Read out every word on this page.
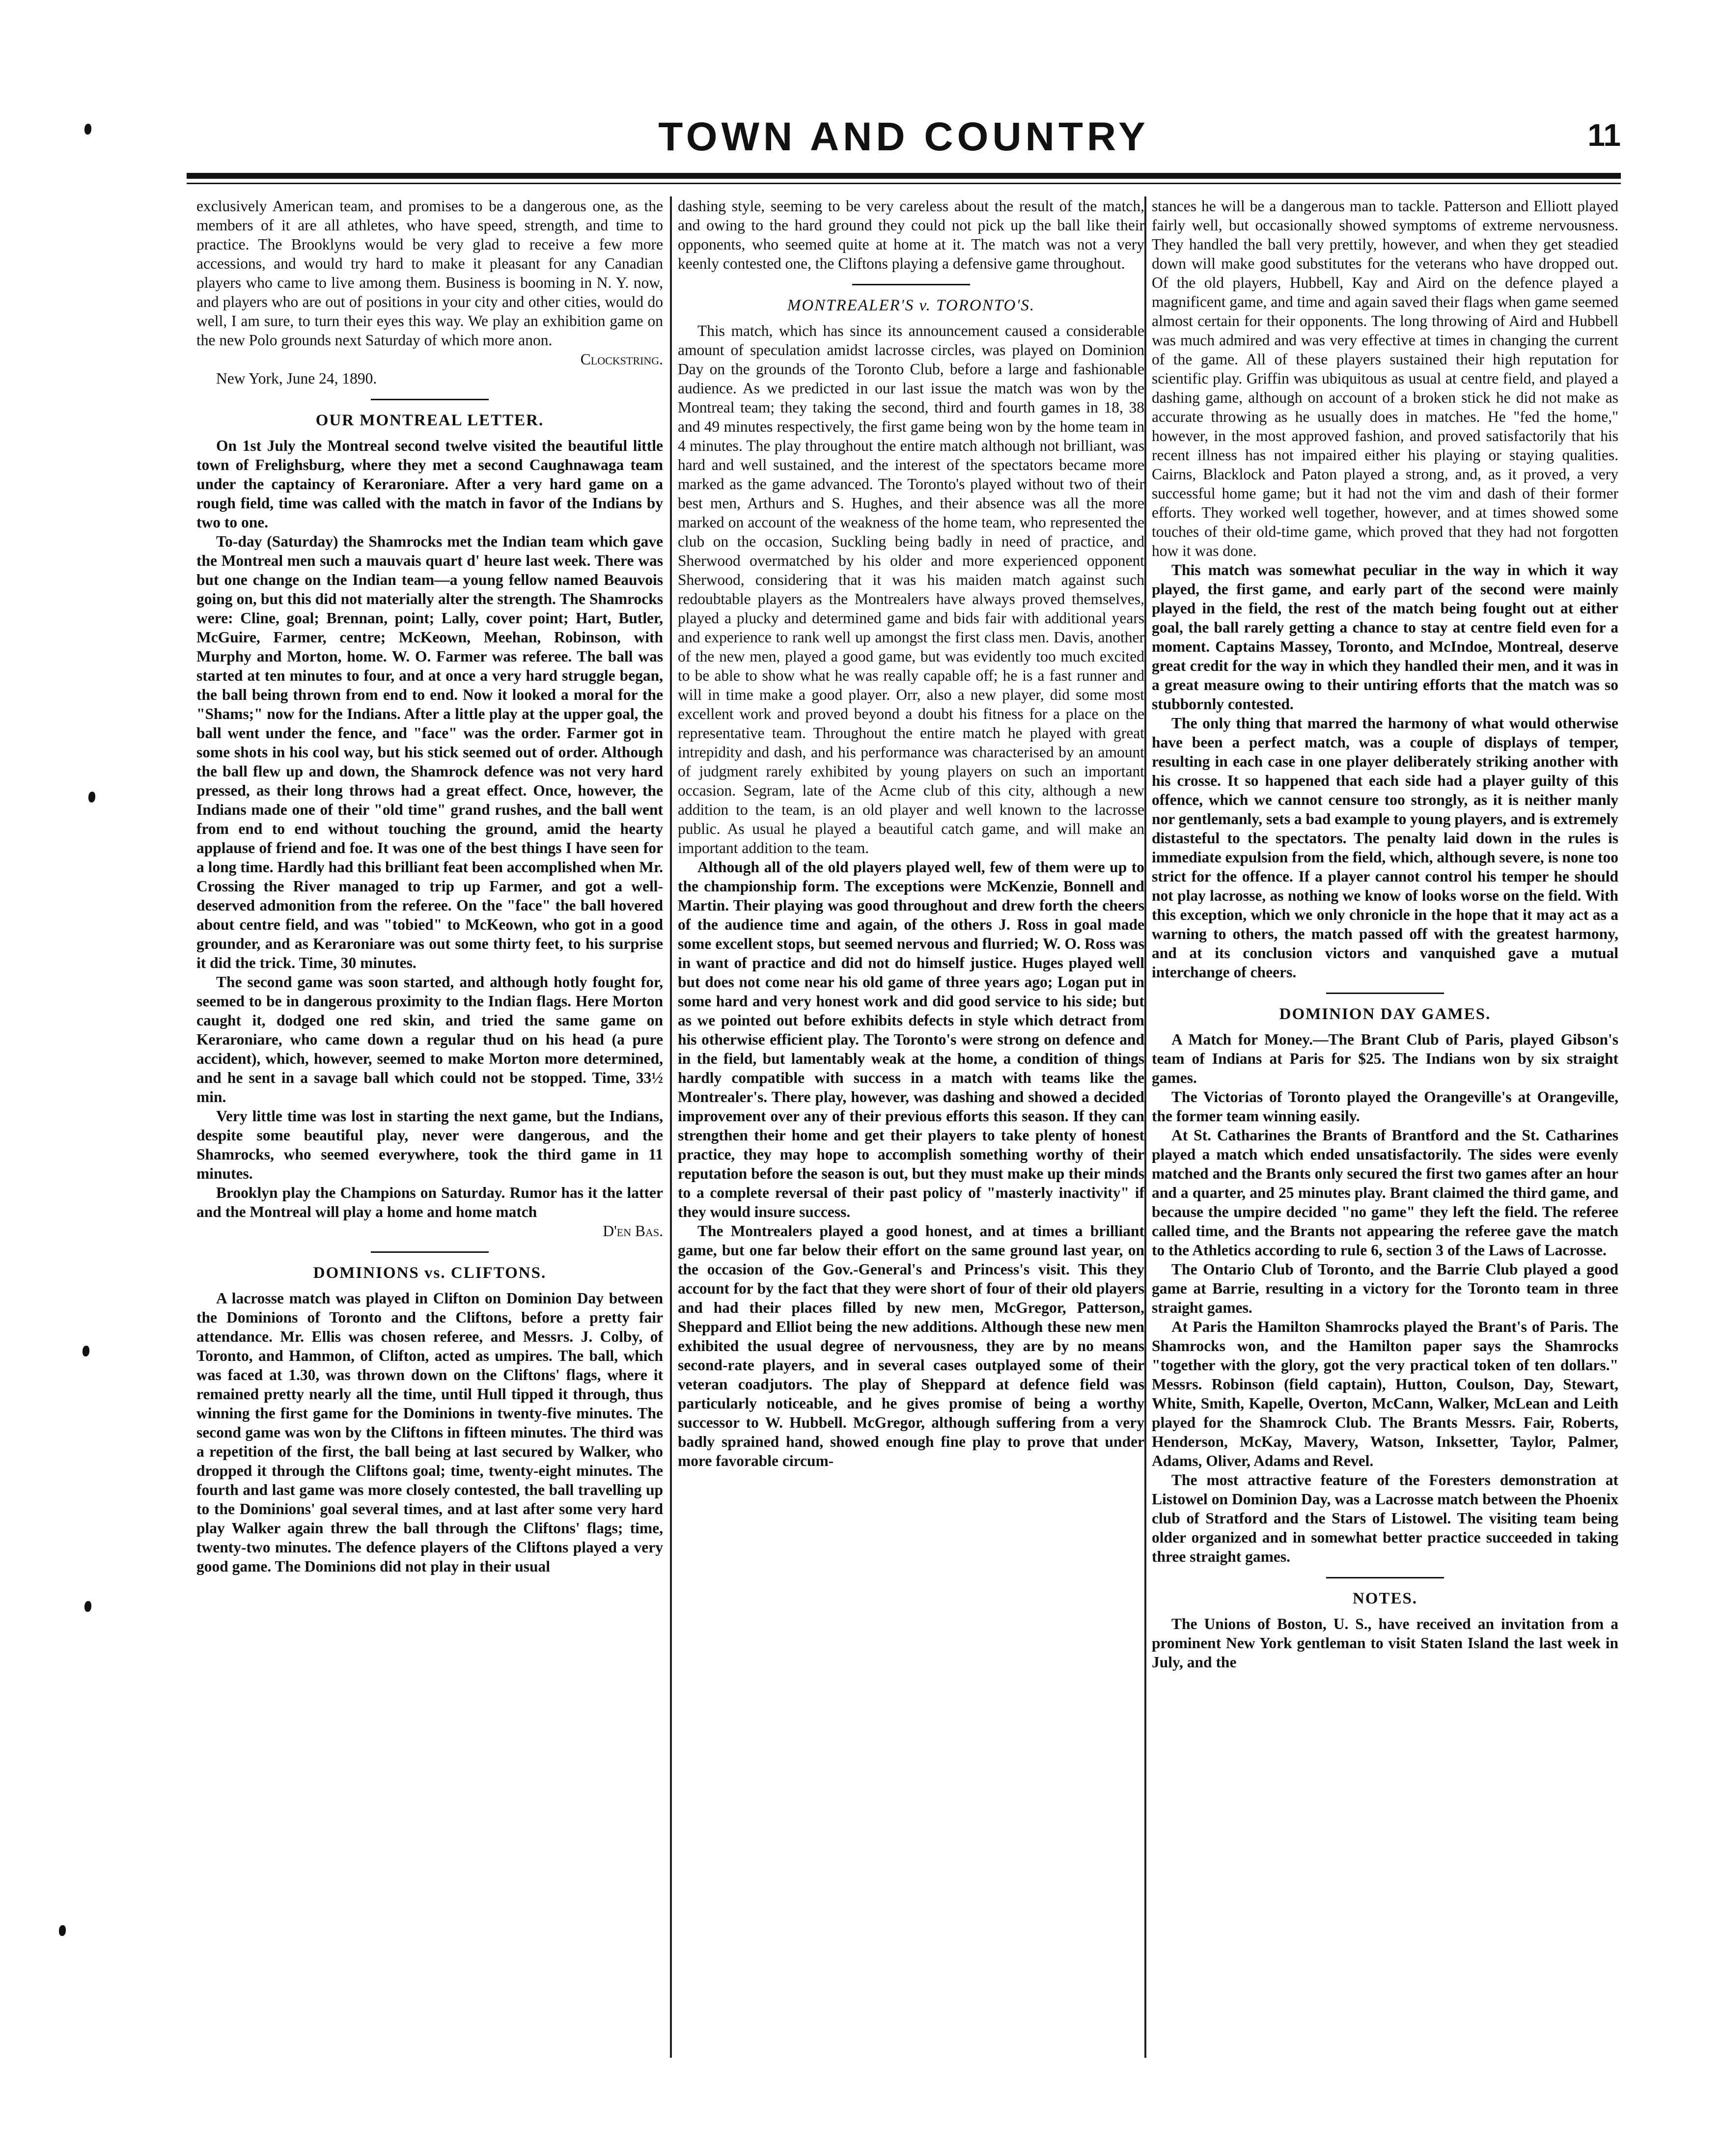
TOWN AND COUNTRY	11

exclusively American team, and promises to be a dangerous one, as the members of it are all athletes, who have speed, strength, and time to practice. The Brooklyns would be very glad to receive a few more accessions, and would try hard to make it pleasant for any Canadian players who came to live among them. Business is booming in N. Y. now, and players who are out of positions in your city and other cities, would do well, I am sure, to turn their eyes this way. We play an exhibition game on the new Polo grounds next Saturday of which more anon.

Clockstring.

New York, June 24, 1890.

OUR MONTREAL LETTER.

On 1st July the Montreal second twelve visited the beautiful little town of Frelighsburg, where they met a second Caughnawaga team under the captaincy of Keraroniare. After a very hard game on a rough field, time was called with the match in favor of the Indians by two to one.

To-day (Saturday) the Shamrocks met the Indian team which gave the Montreal men such a mauvais quart d' heure last week. There was but one change on the Indian team—a young fellow named Beauvois going on, but this did not materially alter the strength. The Shamrocks were: Cline, goal; Brennan, point; Lally, cover point; Hart, Butler, McGuire, Farmer, centre; McKeown, Meehan, Robinson, with Murphy and Morton, home. W. O. Farmer was referee. The ball was started at ten minutes to four, and at once a very hard struggle began, the ball being thrown from end to end. Now it looked a moral for the "Shams;" now for the Indians. After a little play at the upper goal, the ball went under the fence, and "face" was the order. Farmer got in some shots in his cool way, but his stick seemed out of order. Although the ball flew up and down, the Shamrock defence was not very hard pressed, as their long throws had a great effect. Once, however, the Indians made one of their "old time" grand rushes, and the ball went from end to end without touching the ground, amid the hearty applause of friend and foe. It was one of the best things I have seen for a long time. Hardly had this brilliant feat been accomplished when Mr. Crossing the River managed to trip up Farmer, and got a well-deserved admonition from the referee. On the "face" the ball hovered about centre field, and was "tobied" to McKeown, who got in a good grounder, and as Keraroniare was out some thirty feet, to his surprise it did the trick. Time, 30 minutes.

The second game was soon started, and although hotly fought for, seemed to be in dangerous proximity to the Indian flags. Here Morton caught it, dodged one red skin, and tried the same game on Keraroniare, who came down a regular thud on his head (a pure accident), which, however, seemed to make Morton more determined, and he sent in a savage ball which could not be stopped. Time, 33½ min.

Very little time was lost in starting the next game, but the Indians, despite some beautiful play, never were dangerous, and the Shamrocks, who seemed everywhere, took the third game in 11 minutes.

Brooklyn play the Champions on Saturday. Rumor has it the latter and the Montreal will play a home and home match

D'en Bas.

DOMINIONS vs. CLIFTONS.

A lacrosse match was played in Clifton on Dominion Day between the Dominions of Toronto and the Cliftons, before a pretty fair attendance. Mr. Ellis was chosen referee, and Messrs. J. Colby, of Toronto, and Hammon, of Clifton, acted as umpires. The ball, which was faced at 1.30, was thrown down on the Cliftons' flags, where it remained pretty nearly all the time, until Hull tipped it through, thus winning the first game for the Dominions in twenty-five minutes. The second game was won by the Cliftons in fifteen minutes. The third was a repetition of the first, the ball being at last secured by Walker, who dropped it through the Cliftons goal; time, twenty-eight minutes. The fourth and last game was more closely contested, the ball travelling up to the Dominions' goal several times, and at last after some very hard play Walker again threw the ball through the Cliftons' flags; time, twenty-two minutes. The defence players of the Cliftons played a very good game. The Dominions did not play in their usual

dashing style, seeming to be very careless about the result of the match, and owing to the hard ground they could not pick up the ball like their opponents, who seemed quite at home at it. The match was not a very keenly contested one, the Cliftons playing a defensive game throughout.

MONTREALER'S v. TORONTO'S.

This match, which has since its announcement caused a considerable amount of speculation amidst lacrosse circles, was played on Dominion Day on the grounds of the Toronto Club, before a large and fashionable audience. As we predicted in our last issue the match was won by the Montreal team; they taking the second, third and fourth games in 18, 38 and 49 minutes respectively, the first game being won by the home team in 4 minutes. The play throughout the entire match although not brilliant, was hard and well sustained, and the interest of the spectators became more marked as the game advanced. The Toronto's played without two of their best men, Arthurs and S. Hughes, and their absence was all the more marked on account of the weakness of the home team, who represented the club on the occasion, Suckling being badly in need of practice, and Sherwood overmatched by his older and more experienced opponent Sherwood, considering that it was his maiden match against such redoubtable players as the Montrealers have always proved themselves, played a plucky and determined game and bids fair with additional years and experience to rank well up amongst the first class men. Davis, another of the new men, played a good game, but was evidently too much excited to be able to show what he was really capable off; he is a fast runner and will in time make a good player. Orr, also a new player, did some most excellent work and proved beyond a doubt his fitness for a place on the representative team. Throughout the entire match he played with great intrepidity and dash, and his performance was characterised by an amount of judgment rarely exhibited by young players on such an important occasion. Segram, late of the Acme club of this city, although a new addition to the team, is an old player and well known to the lacrosse public. As usual he played a beautiful catch game, and will make an important addition to the team.

Although all of the old players played well, few of them were up to the championship form. The exceptions were McKenzie, Bonnell and Martin. Their playing was good throughout and drew forth the cheers of the audience time and again, of the others J. Ross in goal made some excellent stops, but seemed nervous and flurried; W. O. Ross was in want of practice and did not do himself justice. Huges played well but does not come near his old game of three years ago; Logan put in some hard and very honest work and did good service to his side; but as we pointed out before exhibits defects in style which detract from his otherwise efficient play. The Toronto's were strong on defence and in the field, but lamentably weak at the home, a condition of things hardly compatible with success in a match with teams like the Montrealer's. There play, however, was dashing and showed a decided improvement over any of their previous efforts this season. If they can strengthen their home and get their players to take plenty of honest practice, they may hope to accomplish something worthy of their reputation before the season is out, but they must make up their minds to a complete reversal of their past policy of "masterly inactivity" if they would insure success.

The Montrealers played a good honest, and at times a brilliant game, but one far below their effort on the same ground last year, on the occasion of the Gov.-General's and Princess's visit. This they account for by the fact that they were short of four of their old players and had their places filled by new men, McGregor, Patterson, Sheppard and Elliot being the new additions. Although these new men exhibited the usual degree of nervousness, they are by no means second-rate players, and in several cases outplayed some of their veteran coadjutors. The play of Sheppard at defence field was particularly noticeable, and he gives promise of being a worthy successor to W. Hubbell. McGregor, although suffering from a very badly sprained hand, showed enough fine play to prove that under more favorable circum-

stances he will be a dangerous man to tackle. Patterson and Elliott played fairly well, but occasionally showed symptoms of extreme nervousness. They handled the ball very prettily, however, and when they get steadied down will make good substitutes for the veterans who have dropped out. Of the old players, Hubbell, Kay and Aird on the defence played a magnificent game, and time and again saved their flags when game seemed almost certain for their opponents. The long throwing of Aird and Hubbell was much admired and was very effective at times in changing the current of the game. All of these players sustained their high reputation for scientific play. Griffin was ubiquitous as usual at centre field, and played a dashing game, although on account of a broken stick he did not make as accurate throwing as he usually does in matches. He "fed the home," however, in the most approved fashion, and proved satisfactorily that his recent illness has not impaired either his playing or staying qualities. Cairns, Blacklock and Paton played a strong, and, as it proved, a very successful home game; but it had not the vim and dash of their former efforts. They worked well together, however, and at times showed some touches of their old-time game, which proved that they had not forgotten how it was done.

This match was somewhat peculiar in the way in which it way played, the first game, and early part of the second were mainly played in the field, the rest of the match being fought out at either goal, the ball rarely getting a chance to stay at centre field even for a moment. Captains Massey, Toronto, and McIndoe, Montreal, deserve great credit for the way in which they handled their men, and it was in a great measure owing to their untiring efforts that the match was so stubbornly contested.

The only thing that marred the harmony of what would otherwise have been a perfect match, was a couple of displays of temper, resulting in each case in one player deliberately striking another with his crosse. It so happened that each side had a player guilty of this offence, which we cannot censure too strongly, as it is neither manly nor gentlemanly, sets a bad example to young players, and is extremely distasteful to the spectators. The penalty laid down in the rules is immediate expulsion from the field, which, although severe, is none too strict for the offence. If a player cannot control his temper he should not play lacrosse, as nothing we know of looks worse on the field. With this exception, which we only chronicle in the hope that it may act as a warning to others, the match passed off with the greatest harmony, and at its conclusion victors and vanquished gave a mutual interchange of cheers.

DOMINION DAY GAMES.

A Match for Money.—The Brant Club of Paris, played Gibson's team of Indians at Paris for $25. The Indians won by six straight games.

The Victorias of Toronto played the Orangeville's at Orangeville, the former team winning easily.

At St. Catharines the Brants of Brantford and the St. Catharines played a match which ended unsatisfactorily. The sides were evenly matched and the Brants only secured the first two games after an hour and a quarter, and 25 minutes play. Brant claimed the third game, and because the umpire decided "no game" they left the field. The referee called time, and the Brants not appearing the referee gave the match to the Athletics according to rule 6, section 3 of the Laws of Lacrosse.

The Ontario Club of Toronto, and the Barrie Club played a good game at Barrie, resulting in a victory for the Toronto team in three straight games.

At Paris the Hamilton Shamrocks played the Brant's of Paris. The Shamrocks won, and the Hamilton paper says the Shamrocks "together with the glory, got the very practical token of ten dollars." Messrs. Robinson (field captain), Hutton, Coulson, Day, Stewart, White, Smith, Kapelle, Overton, McCann, Walker, McLean and Leith played for the Shamrock Club. The Brants Messrs. Fair, Roberts, Henderson, McKay, Mavery, Watson, Inksetter, Taylor, Palmer, Adams, Oliver, Adams and Revel.

The most attractive feature of the Foresters demonstration at Listowel on Dominion Day, was a Lacrosse match between the Phoenix club of Stratford and the Stars of Listowel. The visiting team being older organized and in somewhat better practice succeeded in taking three straight games.

NOTES.

The Unions of Boston, U. S., have received an invitation from a prominent New York gentleman to visit Staten Island the last week in July, and the
